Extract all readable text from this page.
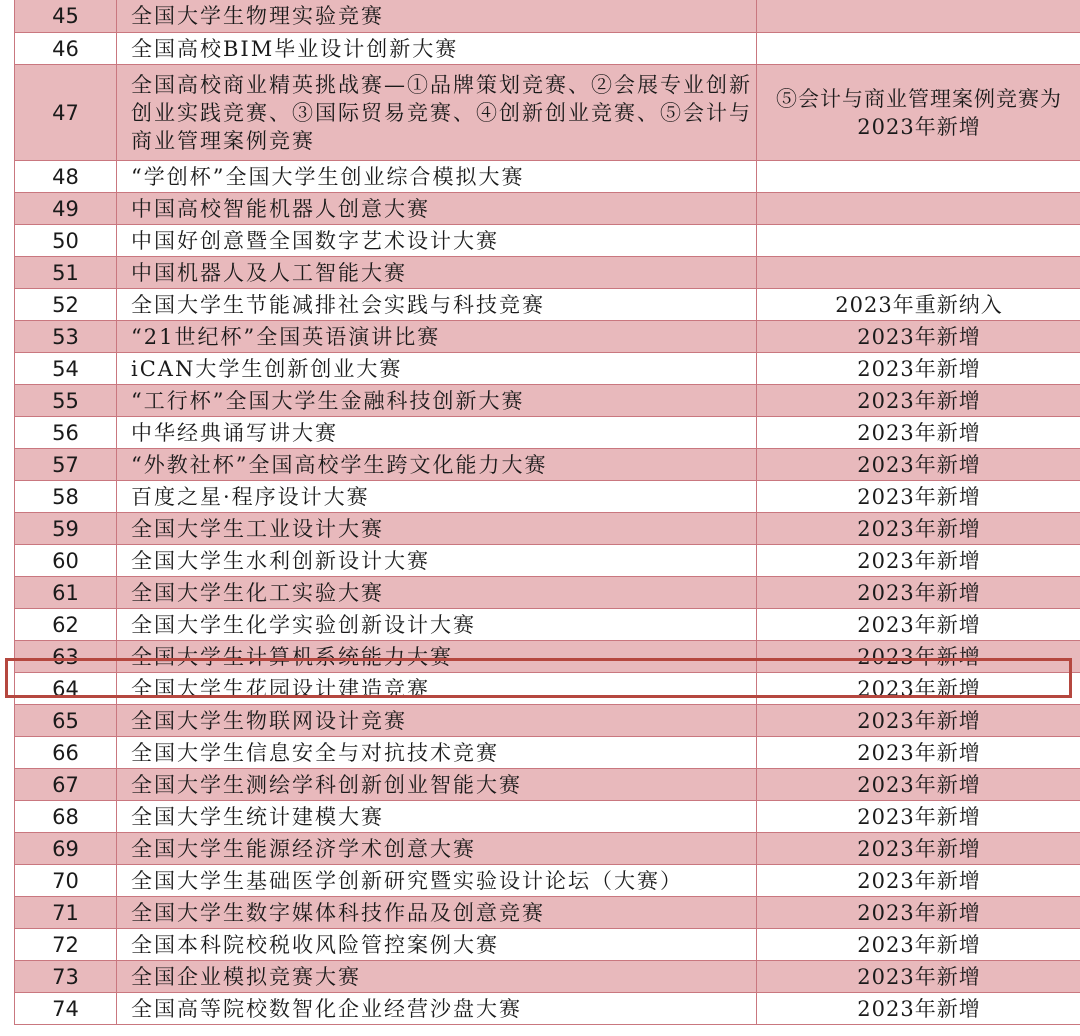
45	全国大学生物理实验竞赛	
46	全国高校BIM毕业设计创新大赛	
47	全国高校商业精英挑战赛—①品牌策划竞赛、②会展专业创新创业实践竞赛、③国际贸易竞赛、④创新创业竞赛、⑤会计与商业管理案例竞赛	⑤会计与商业管理案例竞赛为2023年新增
48	“学创杯”全国大学生创业综合模拟大赛	
49	中国高校智能机器人创意大赛	
50	中国好创意暨全国数字艺术设计大赛	
51	中国机器人及人工智能大赛	
52	全国大学生节能减排社会实践与科技竞赛	2023年重新纳入
53	“21世纪杯”全国英语演讲比赛	2023年新增
54	iCAN大学生创新创业大赛	2023年新增
55	“工行杯”全国大学生金融科技创新大赛	2023年新增
56	中华经典诵写讲大赛	2023年新增
57	“外教社杯”全国高校学生跨文化能力大赛	2023年新增
58	百度之星·程序设计大赛	2023年新增
59	全国大学生工业设计大赛	2023年新增
60	全国大学生水利创新设计大赛	2023年新增
61	全国大学生化工实验大赛	2023年新增
62	全国大学生化学实验创新设计大赛	2023年新增
63	全国大学生计算机系统能力大赛	2023年新增
64	全国大学生花园设计建造竞赛	2023年新增
65	全国大学生物联网设计竞赛	2023年新增
66	全国大学生信息安全与对抗技术竞赛	2023年新增
67	全国大学生测绘学科创新创业智能大赛	2023年新增
68	全国大学生统计建模大赛	2023年新增
69	全国大学生能源经济学术创意大赛	2023年新增
70	全国大学生基础医学创新研究暨实验设计论坛（大赛）	2023年新增
71	全国大学生数字媒体科技作品及创意竞赛	2023年新增
72	全国本科院校税收风险管控案例大赛	2023年新增
73	全国企业模拟竞赛大赛	2023年新增
74	全国高等院校数智化企业经营沙盘大赛	2023年新增
